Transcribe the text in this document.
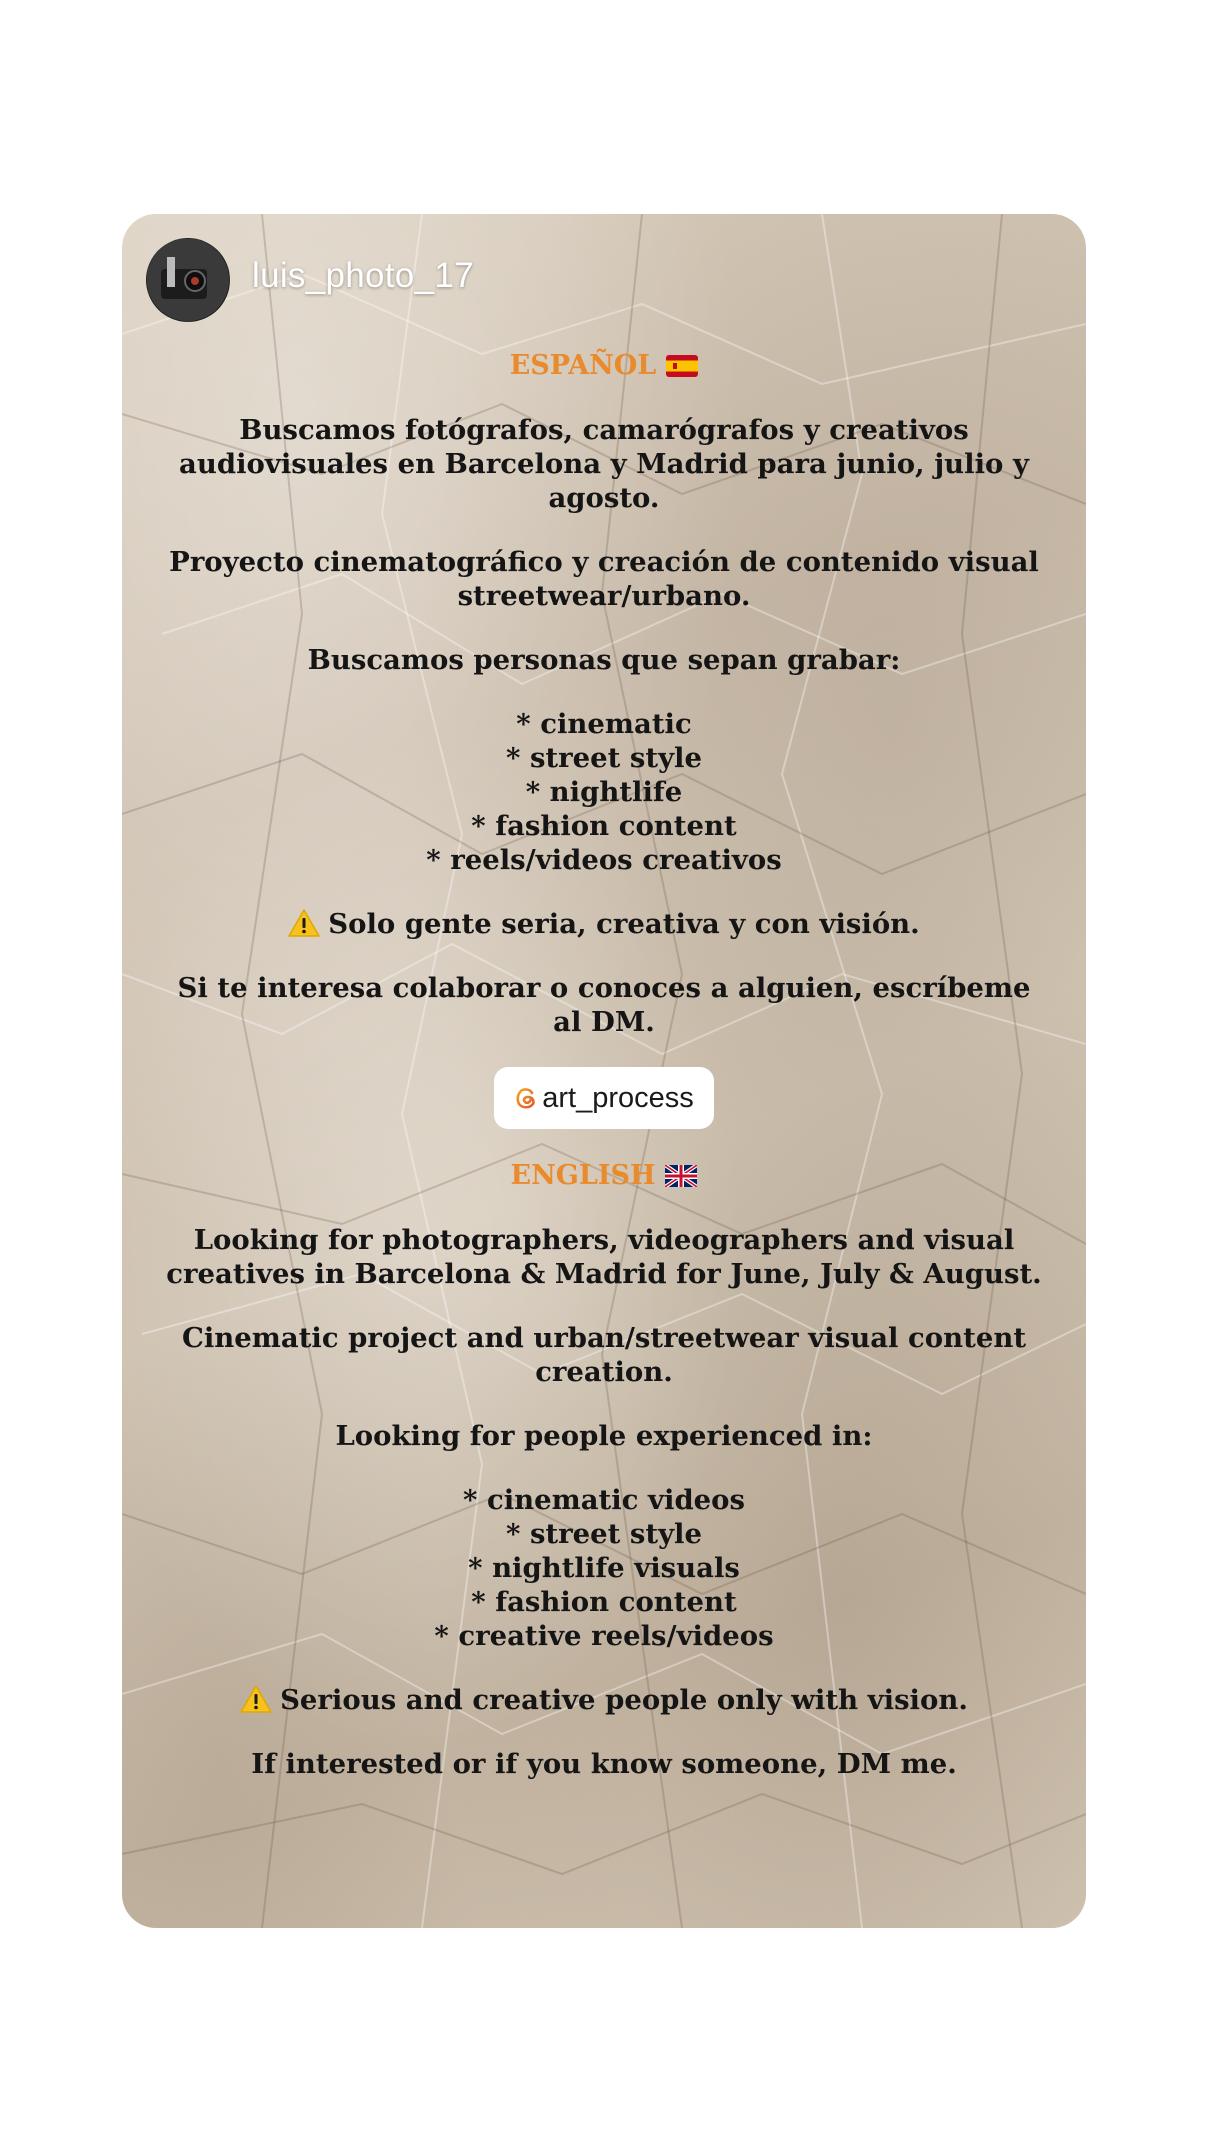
luis_photo_17
ESPAÑOL
Buscamos fotógrafos, camarógrafos y creativos audiovisuales en Barcelona y Madrid para junio, julio y agosto.
Proyecto cinematográfico y creación de contenido visual streetwear/urbano.
Buscamos personas que sepan grabar:
* cinematic
* street style
* nightlife
* fashion content
* reels/videos creativos
Solo gente seria, creativa y con visión.
Si te interesa colaborar o conoces a alguien, escríbeme al DM.
art_process
ENGLISH
Looking for photographers, videographers and visual creatives in Barcelona & Madrid for June, July & August.
Cinematic project and urban/streetwear visual content creation.
Looking for people experienced in:
* cinematic videos
* street style
* nightlife visuals
* fashion content
* creative reels/videos
Serious and creative people only with vision.
If interested or if you know someone, DM me.
